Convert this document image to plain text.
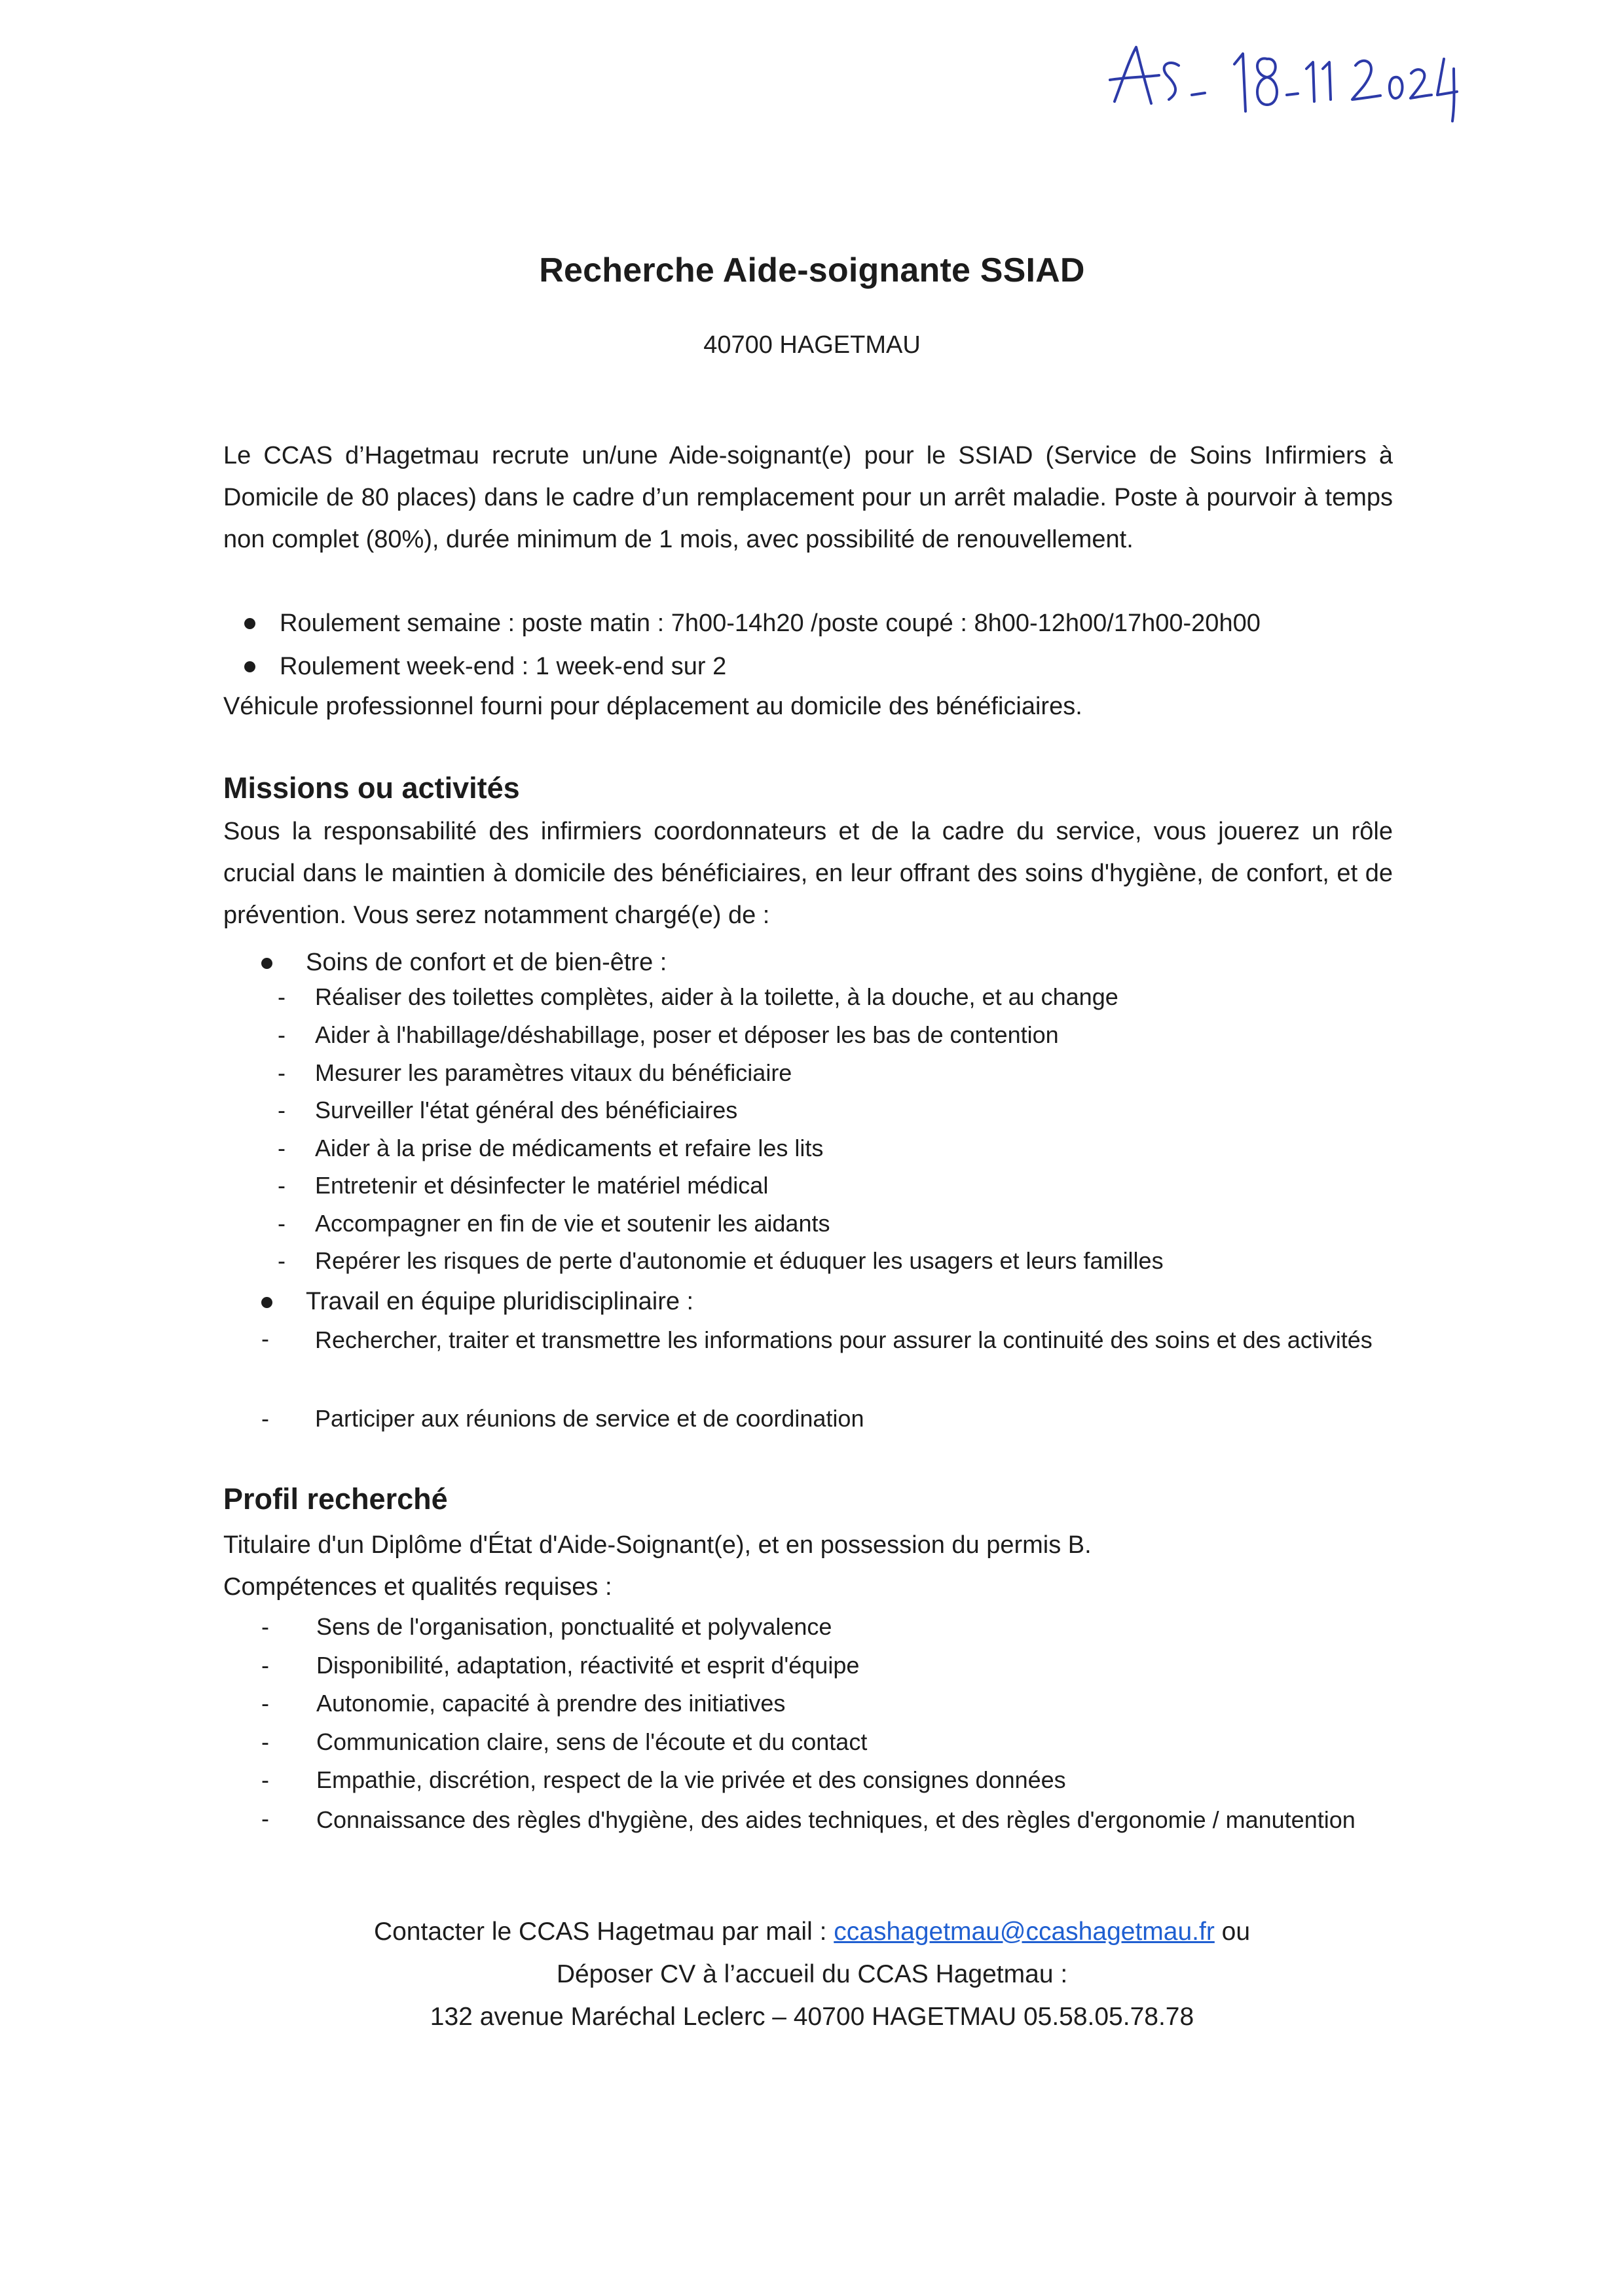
Recherche Aide-soignante SSIAD
40700 HAGETMAU
Le CCAS d’Hagetmau recrute un/une Aide-soignant(e) pour le SSIAD (Service de Soins Infirmiers à Domicile de 80 places) dans le cadre d’un remplacement pour un arrêt maladie. Poste à pourvoir à temps non complet (80%), durée minimum de 1 mois, avec possibilité de renouvellement.
Roulement semaine : poste matin : 7h00-14h20 /poste coupé : 8h00-12h00/17h00-20h00
Roulement week-end : 1 week-end sur 2
Véhicule professionnel fourni pour déplacement au domicile des bénéficiaires.
Missions ou activités
Sous la responsabilité des infirmiers coordonnateurs et de la cadre du service, vous jouerez un rôle crucial dans le maintien à domicile des bénéficiaires, en leur offrant des soins d'hygiène, de confort, et de prévention. Vous serez notamment chargé(e) de :
Soins de confort et de bien-être :
- Réaliser des toilettes complètes, aider à la toilette, à la douche, et au change
- Aider à l'habillage/déshabillage, poser et déposer les bas de contention
- Mesurer les paramètres vitaux du bénéficiaire
- Surveiller l'état général des bénéficiaires
- Aider à la prise de médicaments et refaire les lits
- Entretenir et désinfecter le matériel médical
- Accompagner en fin de vie et soutenir les aidants
- Repérer les risques de perte d'autonomie et éduquer les usagers et leurs familles
Travail en équipe pluridisciplinaire :
- Rechercher, traiter et transmettre les informations pour assurer la continuité des soins et des activités
- Participer aux réunions de service et de coordination
Profil recherché
Titulaire d'un Diplôme d'État d'Aide-Soignant(e), et en possession du permis B.
Compétences et qualités requises :
- Sens de l'organisation, ponctualité et polyvalence
- Disponibilité, adaptation, réactivité et esprit d'équipe
- Autonomie, capacité à prendre des initiatives
- Communication claire, sens de l'écoute et du contact
- Empathie, discrétion, respect de la vie privée et des consignes données
- Connaissance des règles d'hygiène, des aides techniques, et des règles d'ergonomie / manutention
Contacter le CCAS Hagetmau par mail : ccashagetmau@ccashagetmau.fr ou
Déposer CV à l’accueil du CCAS Hagetmau :
132 avenue Maréchal Leclerc – 40700 HAGETMAU 05.58.05.78.78
